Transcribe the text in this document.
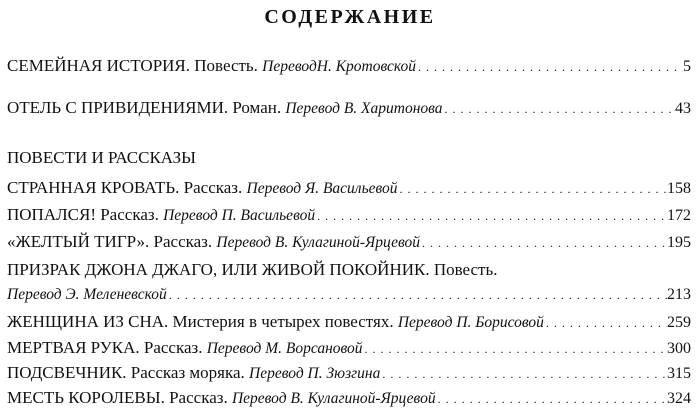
СОДЕРЖАНИЕ
СЕМЕЙНАЯ ИСТОРИЯ. Повесть.
ПереводН. Кротовской . . .	5
ОТЕЛЬ С ПРИВИДЕНИЯМИ. Роман.
Перевод В. Харитонова . . .	43
ПОВЕСТИ И РАССКАЗЫ
СТРАННАЯ КРОВАТЬ. Рассказ.
Перевод Я. Васильевой . . .	158
ПОПАЛСЯ! Рассказ.
Перевод П. Васильевой . . .	172
«ЖЕЛТЫЙ ТИГР». Рассказ.
Перевод В. Кулагиной-Ярцевой . . .	195
ПРИЗРАК ДЖОНА ДЖАГО, ИЛИ ЖИВОЙ ПОКОЙНИК. Повесть.
Перевод Э. Меленевской . . .	213
ЖЕНЩИНА ИЗ СНА. Мистерия в четырех повестях.
Перевод П. Борисовой . . .	259
МЕРТВАЯ РУКА. Рассказ.
Перевод М. Ворсановой . . .	300
ПОДСВЕЧНИК. Рассказ моряка.
Перевод П. Зюзгина . . .	315
МЕСТЬ КОРОЛЕВЫ. Рассказ.
Перевод В. Кулагиной-Ярцевой . . .	324
